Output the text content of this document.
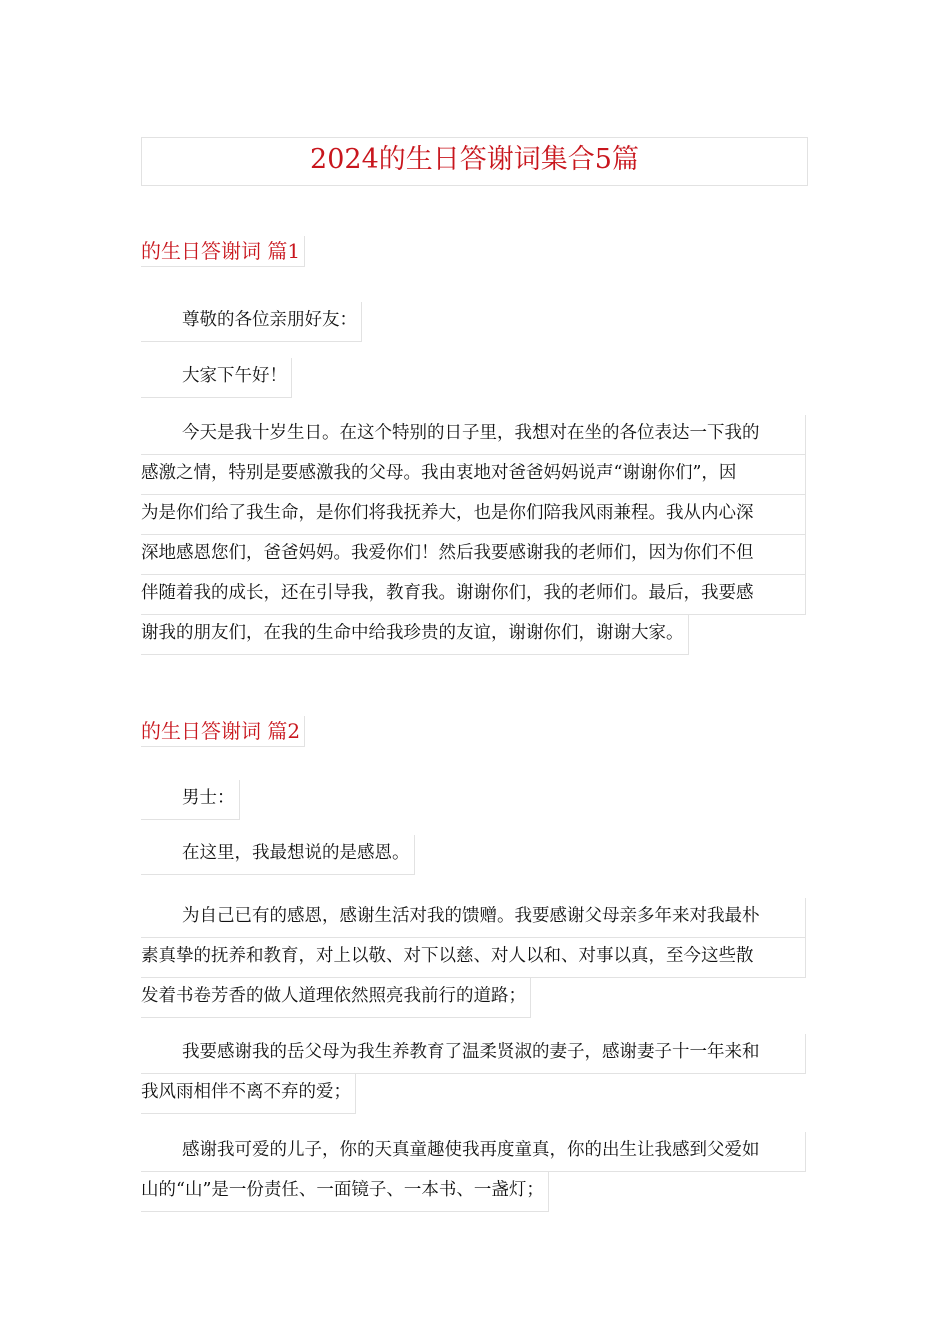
2024的生日答谢词集合5篇
的生日答谢词 篇1
尊敬的各位亲朋好友：
大家下午好！
今天是我十岁生日。在这个特别的日子里，我想对在坐的各位表达一下我的
感激之情，特别是要感激我的父母。我由衷地对爸爸妈妈说声“谢谢你们”，因
为是你们给了我生命，是你们将我抚养大，也是你们陪我风雨兼程。我从内心深
深地感恩您们，爸爸妈妈。我爱你们！然后我要感谢我的老师们，因为你们不但
伴随着我的成长，还在引导我，教育我。谢谢你们，我的老师们。最后，我要感
谢我的朋友们，在我的生命中给我珍贵的友谊，谢谢你们，谢谢大家。
的生日答谢词 篇2
男士：
在这里，我最想说的是感恩。
为自己已有的感恩，感谢生活对我的馈赠。我要感谢父母亲多年来对我最朴
素真挚的抚养和教育，对上以敬、对下以慈、对人以和、对事以真，至今这些散
发着书卷芳香的做人道理依然照亮我前行的道路；
我要感谢我的岳父母为我生养教育了温柔贤淑的妻子，感谢妻子十一年来和
我风雨相伴不离不弃的爱；
感谢我可爱的儿子，你的天真童趣使我再度童真，你的出生让我感到父爱如
山的“山”是一份责任、一面镜子、一本书、一盏灯；
